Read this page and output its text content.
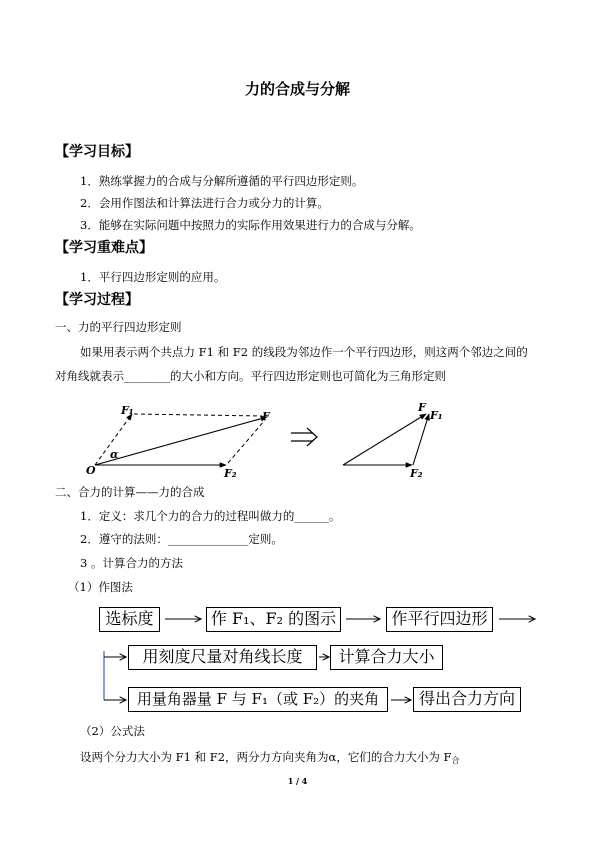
力的合成与分解
【学习目标】
1．熟练掌握力的合成与分解所遵循的平行四边形定则。
2．会用作图法和计算法进行合力或分力的计算。
3．能够在实际问题中按照力的实际作用效果进行力的合成与分解。
【学习重难点】
1．平行四边形定则的应用。
【学习过程】
一、力的平行四边形定则
如果用表示两个共点力 F1 和 F2 的线段为邻边作一个平行四边形，则这两个邻边之间的
对角线就表示________的大小和方向。平行四边形定则也可简化为三角形定则
O
α
F₁	F
F₂
F
F₁
F₂
二、合力的计算——力的合成
1．定义：求几个力的合力的过程叫做力的______。
2．遵守的法则：______________定则。
3 。计算合力的方法
（1）作图法
选标度	作 F₁、F₂ 的图示	作平行四边形
用刻度尺量对角线长度	计算合力大小
用量角器量 F 与 F₁（或 F₂）的夹角	得出合力方向
（2）公式法
设两个分力大小为 F1 和 F2，两分力方向夹角为α，它们的合力大小为 F合
1 / 4
